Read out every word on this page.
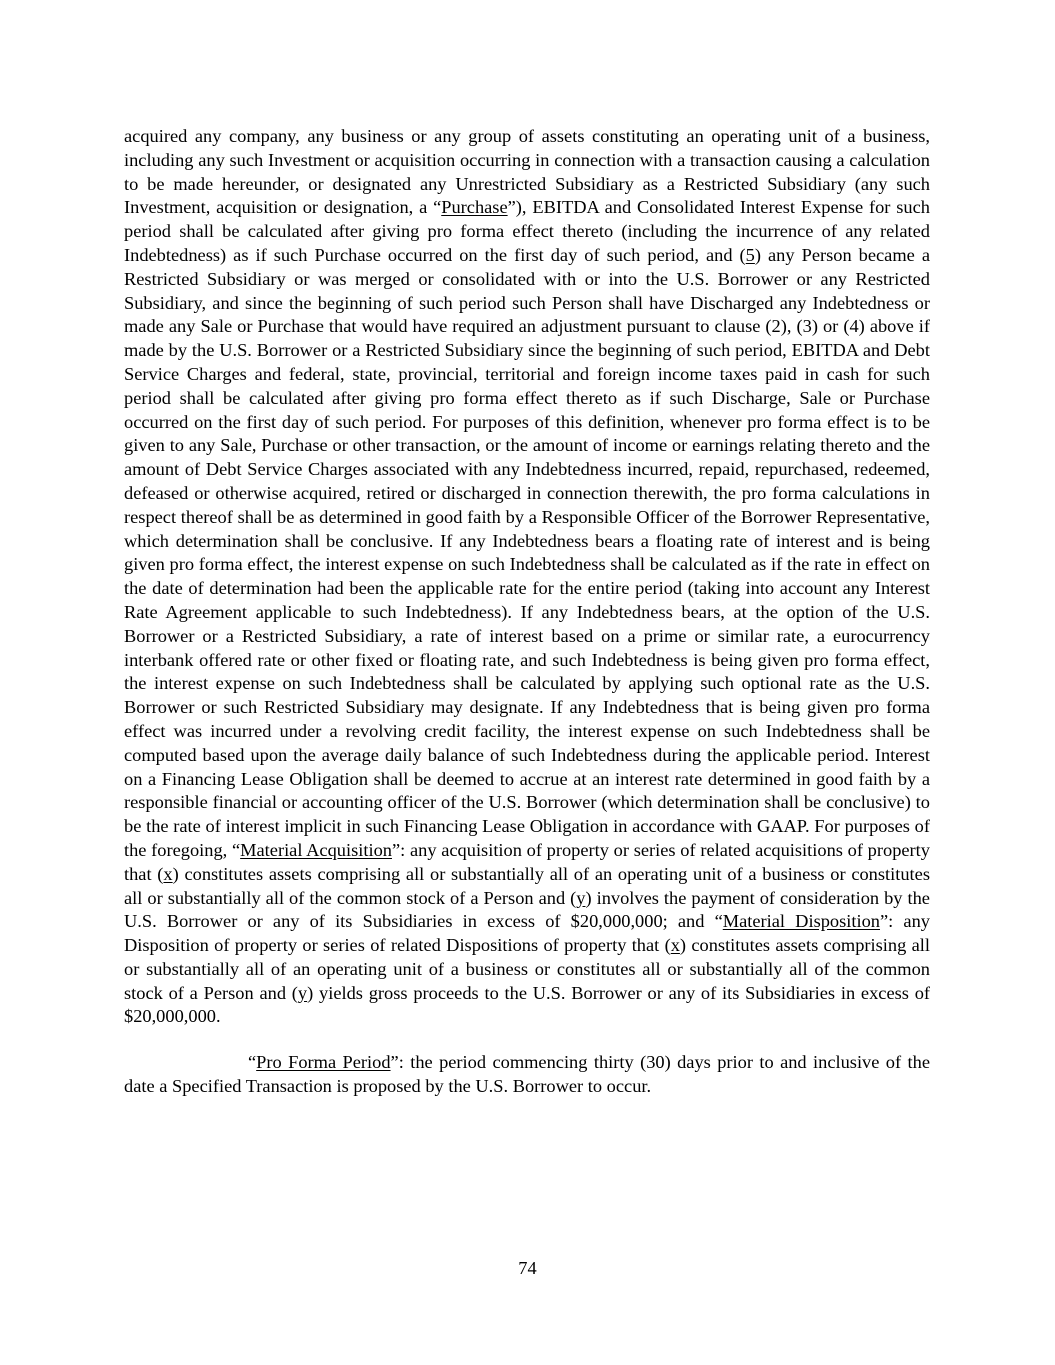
acquired any company, any business or any group of assets constituting an operating unit of a business, including any such Investment or acquisition occurring in connection with a transaction causing a calculation to be made hereunder, or designated any Unrestricted Subsidiary as a Restricted Subsidiary (any such Investment, acquisition or designation, a “Purchase”), EBITDA and Consolidated Interest Expense for such period shall be calculated after giving pro forma effect thereto (including the incurrence of any related Indebtedness) as if such Purchase occurred on the first day of such period, and (5) any Person became a Restricted Subsidiary or was merged or consolidated with or into the U.S. Borrower or any Restricted Subsidiary, and since the beginning of such period such Person shall have Discharged any Indebtedness or made any Sale or Purchase that would have required an adjustment pursuant to clause (2), (3) or (4) above if made by the U.S. Borrower or a Restricted Subsidiary since the beginning of such period, EBITDA and Debt Service Charges and federal, state, provincial, territorial and foreign income taxes paid in cash for such period shall be calculated after giving pro forma effect thereto as if such Discharge, Sale or Purchase occurred on the first day of such period. For purposes of this definition, whenever pro forma effect is to be given to any Sale, Purchase or other transaction, or the amount of income or earnings relating thereto and the amount of Debt Service Charges associated with any Indebtedness incurred, repaid, repurchased, redeemed, defeased or otherwise acquired, retired or discharged in connection therewith, the pro forma calculations in respect thereof shall be as determined in good faith by a Responsible Officer of the Borrower Representative, which determination shall be conclusive. If any Indebtedness bears a floating rate of interest and is being given pro forma effect, the interest expense on such Indebtedness shall be calculated as if the rate in effect on the date of determination had been the applicable rate for the entire period (taking into account any Interest Rate Agreement applicable to such Indebtedness). If any Indebtedness bears, at the option of the U.S. Borrower or a Restricted Subsidiary, a rate of interest based on a prime or similar rate, a eurocurrency interbank offered rate or other fixed or floating rate, and such Indebtedness is being given pro forma effect, the interest expense on such Indebtedness shall be calculated by applying such optional rate as the U.S. Borrower or such Restricted Subsidiary may designate. If any Indebtedness that is being given pro forma effect was incurred under a revolving credit facility, the interest expense on such Indebtedness shall be computed based upon the average daily balance of such Indebtedness during the applicable period. Interest on a Financing Lease Obligation shall be deemed to accrue at an interest rate determined in good faith by a responsible financial or accounting officer of the U.S. Borrower (which determination shall be conclusive) to be the rate of interest implicit in such Financing Lease Obligation in accordance with GAAP. For purposes of the foregoing, “Material Acquisition”: any acquisition of property or series of related acquisitions of property that (x) constitutes assets comprising all or substantially all of an operating unit of a business or constitutes all or substantially all of the common stock of a Person and (y) involves the payment of consideration by the U.S. Borrower or any of its Subsidiaries in excess of $20,000,000; and “Material Disposition”: any Disposition of property or series of related Dispositions of property that (x) constitutes assets comprising all or substantially all of an operating unit of a business or constitutes all or substantially all of the common stock of a Person and (y) yields gross proceeds to the U.S. Borrower or any of its Subsidiaries in excess of $20,000,000.

“Pro Forma Period”: the period commencing thirty (30) days prior to and inclusive of the date a Specified Transaction is proposed by the U.S. Borrower to occur.

74
